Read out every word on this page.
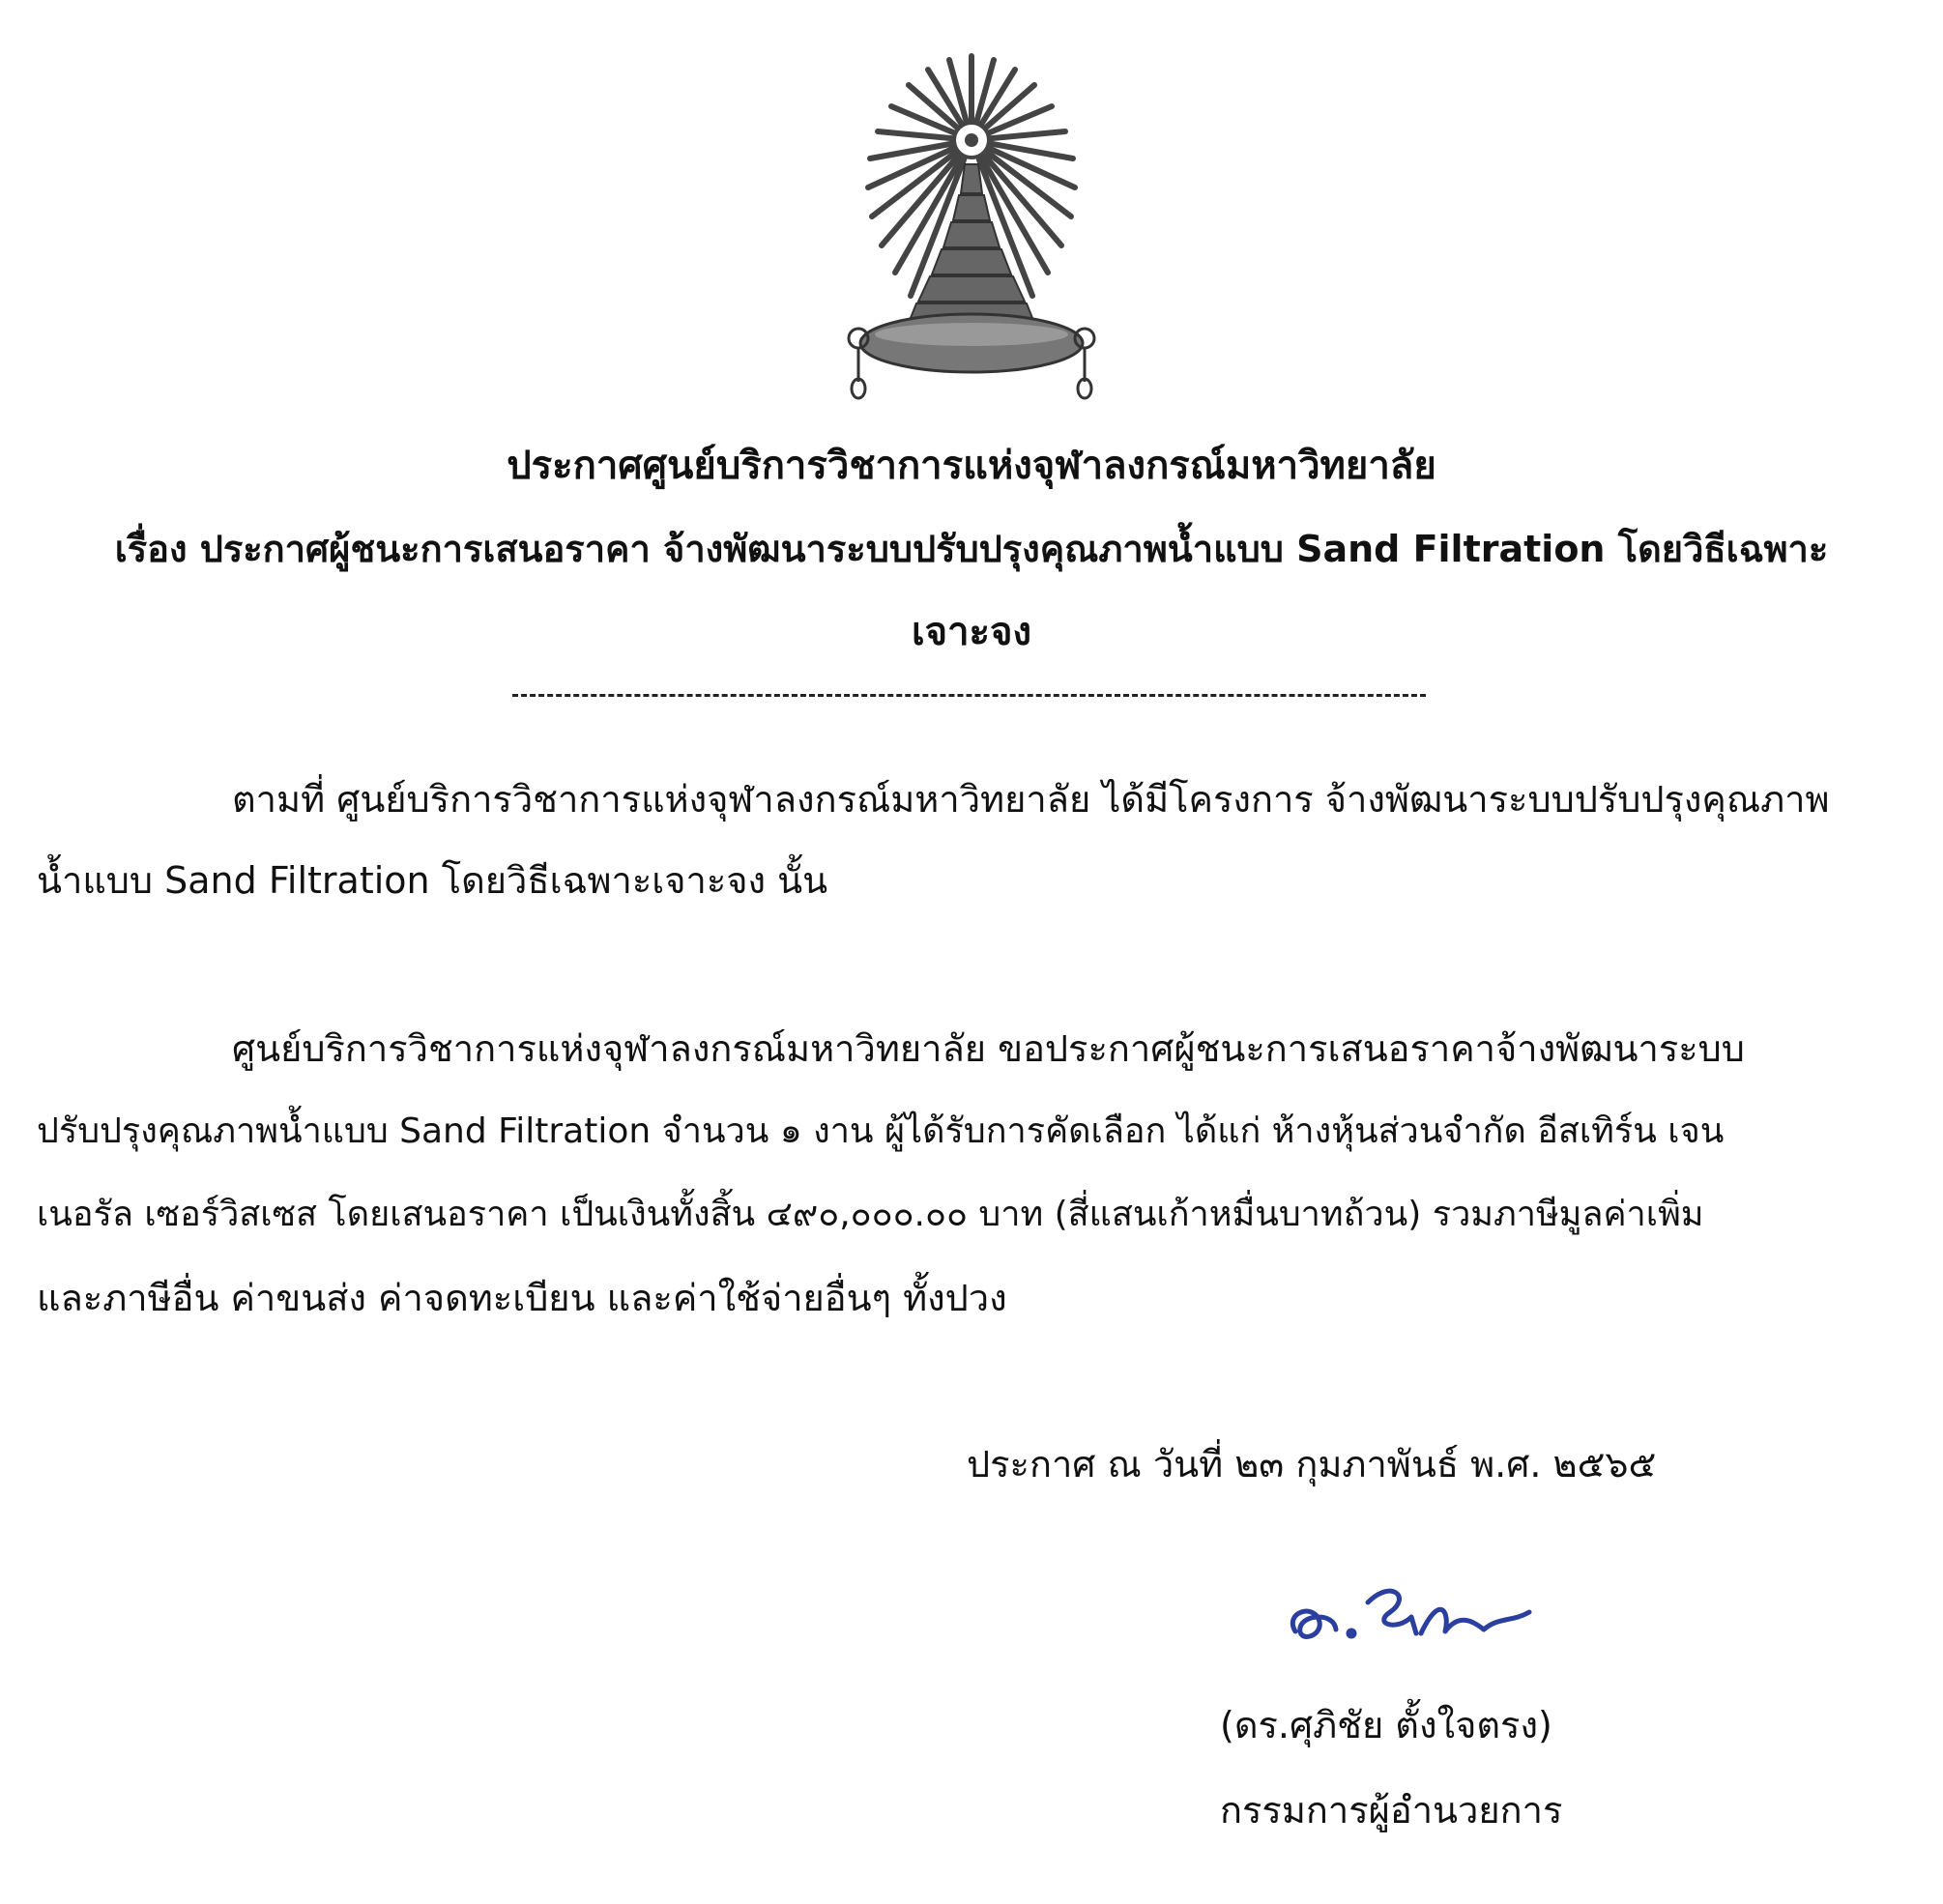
ประกาศศูนย์บริการวิชาการแห่งจุฬาลงกรณ์มหาวิทยาลัย
เรื่อง ประกาศผู้ชนะการเสนอราคา จ้างพัฒนาระบบปรับปรุงคุณภาพน้ำแบบ Sand Filtration โดยวิธีเฉพาะ
เจาะจง
ตามที่ ศูนย์บริการวิชาการแห่งจุฬาลงกรณ์มหาวิทยาลัย ได้มีโครงการ จ้างพัฒนาระบบปรับปรุงคุณภาพ
น้ำแบบ Sand Filtration โดยวิธีเฉพาะเจาะจง นั้น
ศูนย์บริการวิชาการแห่งจุฬาลงกรณ์มหาวิทยาลัย ขอประกาศผู้ชนะการเสนอราคาจ้างพัฒนาระบบ
ปรับปรุงคุณภาพน้ำแบบ Sand Filtration จำนวน ๑ งาน ผู้ได้รับการคัดเลือก ได้แก่ ห้างหุ้นส่วนจำกัด อีสเทิร์น เจน
เนอรัล เซอร์วิสเซส โดยเสนอราคา เป็นเงินทั้งสิ้น ๔๙๐,๐๐๐.๐๐ บาท (สี่แสนเก้าหมื่นบาทถ้วน) รวมภาษีมูลค่าเพิ่ม
และภาษีอื่น ค่าขนส่ง ค่าจดทะเบียน และค่าใช้จ่ายอื่นๆ ทั้งปวง
ประกาศ ณ วันที่ ๒๓ กุมภาพันธ์ พ.ศ. ๒๕๖๕
(ดร.ศุภิชัย ตั้งใจตรง)
กรรมการผู้อำนวยการ
